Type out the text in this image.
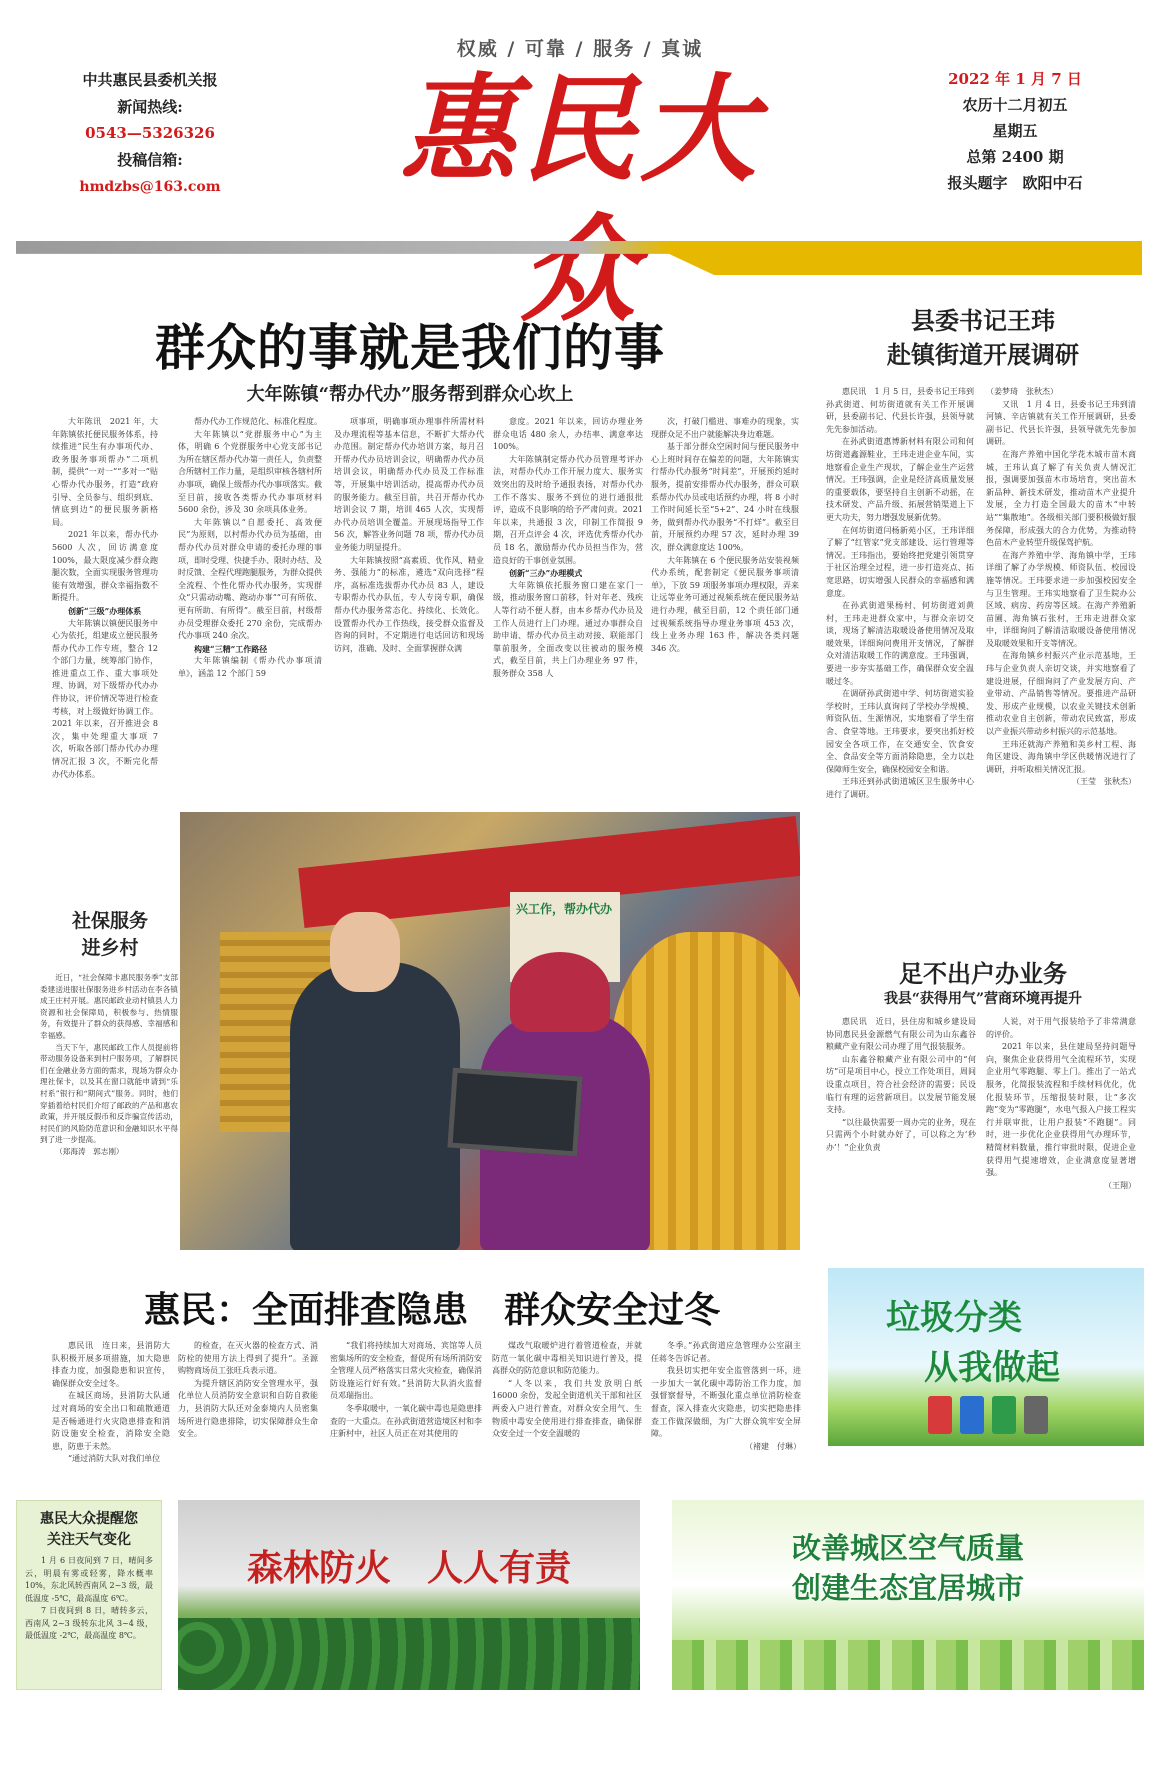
权威 / 可靠 / 服务 / 真诚
中共惠民县委机关报
新闻热线:
0543—5326326
投稿信箱:
hmdzbs@163.com	惠民大众
2022 年 1 月 7 日
农历十二月初五
星期五
总第 2400 期
报头题字　欧阳中石
群众的事就是我们的事
大年陈镇“帮办代办”服务帮到群众心坎上

大年陈讯　2021 年，大年陈镇依托便民服务体系，持续推进“民生有办事项代办、政务服务事项帮办”二项机制，提供“一对一”“多对一”贴心帮办代办服务，打造“政府引导、全员参与、组织到底、情底到边”的便民服务新格局。

2021 年以来，帮办代办 5600 人次，回访满意度 100%，最大限度减少群众跑腿次数，全面实现服务管理功能有效增强，群众幸福指数不断提升。

创新“三级”办理体系

大年陈镇以镇便民服务中心为依托，组建成立便民服务帮办代办工作专班，整合 12 个部门力量，统筹部门协作，推进重点工作、重大事项处理、协调，对下级帮办代办办件协议，评价情况等进行检查考核，对上级做好协调工作。2021 年以来，召开推进会 8 次，集中处理重大事项 7 次，听取各部门帮办代办办理情况汇报 3 次，不断完化帮办代办体系。

帮办代办工作规范化、标准化程度。

大年陈镇以“党群服务中心”为主体，明确 6 个党群服务中心党支部书记为所在辖区帮办代办第一责任人，负责整合所辖村工作力量，是组织审核各辖村所办事项，确保上级帮办代办事项落实。截至目前，接收各类帮办代办事项材料 5600 余份，涉及 30 余项具体业务。

大年陈镇以“自愿委托、高效便民”为原则，以村帮办代办员为基础，由帮办代办员对群众申请的委托办理的事项，即时受理、快捷手办、限时办结、及时反馈、全程代理跑腿服务，为群众提供全流程、个性化帮办代办服务，实现群众“只需动动嘴、跑动办事”“可有所依、更有所助、有所得”。截至目前，村级帮办员受理群众委托 270 余份，完成帮办代办事项 240 余次。

构建“三精”工作路径

大年陈镇编制《帮办代办事项清单》，涵盖 12 个部门 59

项事项，明确事项办理事件所需材料及办理流程等基本信息，不断扩大帮办代办范围。制定帮办代办培训方案，每月召开帮办代办员培训会议，明确帮办代办员培训会议，明确帮办代办员及工作标准等，开展集中培训活动，提高帮办代办员的服务能力。截至目前，共召开帮办代办培训会议 7 期，培训 465 人次，实现帮办代办员培训全覆盖。开展现场指导工作 56 次，解答业务问题 78 项，帮办代办员业务能力明显提升。

大年陈镇按照“高素质、优作风、精业务、强能力”的标准，遴选“双向选择”程序，高标准选拔帮办代办员 83 人，建设专职帮办代办队伍，专人专岗专职，确保帮办代办服务常态化、持续化、长效化。设置帮办代办工作热线，接受群众监督及咨询的同时，不定期进行电话回访和现场访问，准确、及时、全面掌握群众满

意度。2021 年以来，回访办理业务群众电话 480 余人，办结率、满意率达 100%。

大年陈镇制定帮办代办员管理考评办法，对帮办代办工作开展力度大、服务实效突出的及时给予通报表扬，对帮办代办工作不落实、服务不到位的进行通报批评，造成不良影响的给予严肃问责。2021 年以来，共通报 3 次，印制工作简报 9 期，召开点评会 4 次，评选优秀帮办代办员 18 名，激励帮办代办员担当作为，营造良好的干事创业氛围。

创新“三办”办理模式

大年陈镇依托服务窗口建在家门一级，推动服务窗口前移，针对年老、残疾人等行动不便人群，由本乡帮办代办员及工作人员进行上门办理。通过办事群众自助申请、帮办代办员主动对接、联能部门靠前服务，全面改变以往被动的服务模式，截至目前，共上门办理业务 97 件，服务群众 358 人

次，打破门槛进、事难办的现象，实现群众足不出户就能解决身边难题。

基于部分群众空闲时间与便民服务中心上班时间存在偏差的问题，大年陈镇实行帮办代办服务“时间差”，开展预约延时服务，提前安排帮办代办服务，群众可联系帮办代办员或电话预约办理，将 8 小时工作时间延长至“5+2”、24 小时在线服务，做到帮办代办服务“不打烊”。截至目前，开展预约办理 57 次，延时办理 39 次，群众满意度达 100%。

大年陈镇在 6 个便民服务站安装视频代办系统，配套制定《便民服务事项清单》，下放 59 项服务事项办理权限，弄来让远等业务可通过视频系统在便民服务站进行办理，截至目前，12 个责任部门通过视频系统指导办理业务事项 453 次，线上业务办理 163 件，解决各类问题 346 次。

县委书记王玮
赴镇街道开展调研

惠民讯　1 月 5 日，县委书记王玮到孙武街道、何坊街道就有关工作开展调研，县委副书记、代县长许强，县领导就先先参加活动。

在孙武街道惠博新材料有限公司和何坊街道鑫源鞋业，王玮走进企业车间，实地察看企业生产现状，了解企业生产运营情况。王玮强调，企业是经济高质量发展的重要载体，要坚持自主创新不动摇，在技术研发、产品升级、拓展营销渠道上下更大功夫，努力增强发展新优势。

在何坊街道闫杨新苑小区，王玮详细了解了“红管家”党支部建设、运行管理等情况。王玮指出，要始终把党建引领贯穿于社区治理全过程，进一步打造亮点、拓宽思路，切实增强人民群众的幸福感和满意度。

在孙武街道果杨村、何坊街道刘黄村，王玮走进群众家中，与群众亲切交谈，现场了解清洁取暖设备使用情况及取暖效果，详细询问费用开支情况，了解群众对清洁取暖工作的满意度。王玮强调，要进一步夯实基础工作，确保群众安全温暖过冬。

在调研孙武街道中学、何坊街道实验学校时，王玮认真询问了学校办学规模、师资队伍、生源情况，实地察看了学生宿舍、食堂等地。王玮要求，要突出抓好校园安全各项工作，在交通安全、饮食安全、食品安全等方面消除隐患，全力以赴保障师生安全，确保校园安全和谐。

王玮还到孙武街道城区卫生服务中心进行了调研。

（姜梦琦　张秋杰）

又讯　1 月 4 日，县委书记王玮到清河镇、辛店镇就有关工作开展调研，县委副书记、代县长许强，县领导就先先参加调研。

在海产养殖中国化学花木城市苗木商城，王玮认真了解了有关负责人情况汇报，强调要加强苗木市场培育，突出苗木新品种、新技术研发，推动苗木产业提升发展，全力打造全国最大的苗木“中转站”“集散地”。各级相关部门要积极做好服务保障，形成强大的合力优势，为推动特色苗木产业转型升级保驾护航。

在海产养殖中学、海角镇中学，王玮详细了解了办学规模、师资队伍、校园设施等情况。王玮要求进一步加强校园安全与卫生管理。王玮实地察看了卫生院办公区域、病房、药房等区域。在海产养殖新苗圃、海角镇石张村，王玮走进群众家中，详细询问了解清洁取暖设备使用情况及取暖效果和开支等情况。

在海角镇乡村振兴产业示范基地，王玮与企业负责人亲切交谈，并实地察看了建设进展，仔细询问了产业发展方向、产业带动、产品销售等情况。要推进产品研发、形成产业规模，以农业关键技术创新推动农业自主创新，带动农民致富，形成以产业振兴带动乡村振兴的示范基地。

王玮还就海产养殖和美乡村工程、海角区建设、海角镇中学区供暖情况进行了调研，并听取相关情况汇报。

（王莹　张秋杰）

社保服务
进乡村

近日，“社会保障卡惠民服务季”支部委建送进服社保服务进乡村活动在李各镇成王庄村开展。惠民邮政业动村镇县人力资源和社会保障局，积极参与、热情服务，有效提升了群众的获得感、幸福感和幸福感。

当天下午，惠民邮政工作人员提前将带动服务设备来到村户服务项，了解群民们在金融业务方面的需求，现场为群众办理社保卡，以及其在窗口就能申请到“乐村系”银行和“期间式”服务。同时，他们穿插着给村民们介绍了邮政的产品和惠农政策，并开展反假币和反诈骗宣传活动，村民们的风险防范意识和金融知识水平得到了进一步提高。

（郑海涛　郭志刚）

兴工作，帮办代办
惠民：全面排查隐患　群众安全过冬

惠民讯　连日来，县消防大队积极开展多项措施，加大隐患排查力度，加强隐患和识宣传，确保群众安全过冬。

在城区商场，县消防大队通过对商场的安全出口和疏散通道是否畅通进行火灾隐患排查和消防设施安全检查，消除安全隐患，防患于未然。

“通过消防大队对我们单位

的检查，在灭火器的检查方式、消防栓的使用方法上得到了提升”。圣源购物商场员工张旺兵表示道。

为提升辖区消防安全管理水平，强化单位人员消防安全意识和自防自救能力，县消防大队还对金泰境内人员密集场所进行隐患排除，切实保障群众生命安全。

“我们将持续加大对商场、宾馆等人员密集场所的安全检查，督促所有场所消防安全管理人员严格落实日常火灾检查，确保消防设施运行好有效。”县消防大队消火监督员邓瑞指出。

冬季取暖中，一氧化碳中毒也是隐患排查的一大重点。在孙武街道营造境区村和李庄新村中，社区人员正在对其使用的

煤改气取暖炉进行着管道检查，并就防范一氧化碳中毒相关知识进行普及，提高群众的防范意识和防范能力。

“人冬以来，我们共发放明白纸 16000 余份，发起全街道机关干部和社区两委入户进行普查，对群众安全用气、生物质中毒安全使用进行排查排查，确保群众安全过一个安全温暖的

冬季。”孙武街道应急管理办公室副主任蒋冬告诉记者。

我县切实把年安全监管落到一环，进一步加大一氧化碳中毒防治工作力度，加强督察督导，不断强化重点单位消防检查督查，深入排查火灾隐患，切实把隐患排查工作做深做细，为广大群众筑牢安全屏障。

（褚建　付琳）

足不出户办业务
我县“获得用气”营商环境再提升

惠民讯　近日，县住房和城乡建设局协同惠民县金源燃气有限公司为山东鑫谷粮藏产业有限公司办理了用气报装服务。

山东鑫谷粮藏产业有限公司中的“何坊”可是项目中心，授立工作处项目，周间设重点项目，符合社会经济的需要；民设临行有理的运营新项目。以发展节能发展支持。

“以往最快需要一周办完的业务，现在只需两个小时就办好了，可以称之为‘秒办’！”企业负责

人说，对于用气报装给予了非常满意的评价。

2021 年以来，县住建局坚持问题导向，聚焦企业获得用气全流程环节，实现企业用气零跑腿、零上门。推出了一站式服务，化简报装流程和手续材料优化，优化报装环节，压缩报装时限，让“多次跑”变为“零跑腿”，水电气报入户接工程实行并联审批，让用户报装“不跑腿”。同时，进一步优化企业获得用气办理环节，精简材料数量，推行审批时限，促进企业获得用气提速增效，企业满意度显著增强。

（王翔）

垃圾分类
从我做起
惠民大众提醒您
关注天气变化

1 月 6 日夜间到 7 日，晴间多云，明晨有雾或轻雾，降水概率 10%，东北风转西南风 2~3 级，最低温度 -5℃，最高温度 6℃。

7 日夜间到 8 日，晴转多云，西南风 2~3 级转东北风 3~4 级，最低温度 -2℃，最高温度 8℃。

森林防火　人人有责	改善城区空气质量
创建生态宜居城市
